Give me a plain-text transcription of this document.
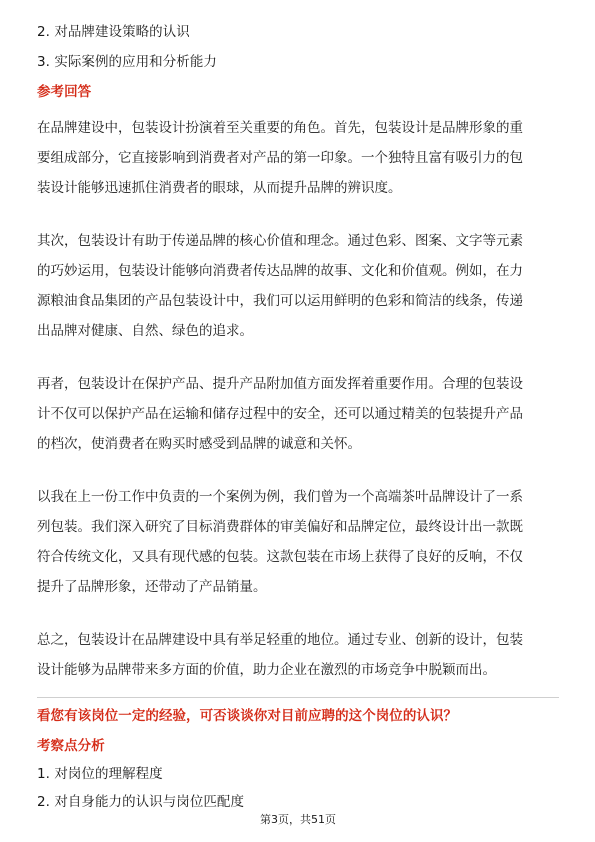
2. 对品牌建设策略的认识
3. 实际案例的应用和分析能力
参考回答
在品牌建设中，包装设计扮演着至关重要的角色。首先，包装设计是品牌形象的重
要组成部分，它直接影响到消费者对产品的第一印象。一个独特且富有吸引力的包
装设计能够迅速抓住消费者的眼球，从而提升品牌的辨识度。
其次，包装设计有助于传递品牌的核心价值和理念。通过色彩、图案、文字等元素
的巧妙运用，包装设计能够向消费者传达品牌的故事、文化和价值观。例如，在力
源粮油食品集团的产品包装设计中，我们可以运用鲜明的色彩和简洁的线条，传递
出品牌对健康、自然、绿色的追求。
再者，包装设计在保护产品、提升产品附加值方面发挥着重要作用。合理的包装设
计不仅可以保护产品在运输和储存过程中的安全，还可以通过精美的包装提升产品
的档次，使消费者在购买时感受到品牌的诚意和关怀。
以我在上一份工作中负责的一个案例为例，我们曾为一个高端茶叶品牌设计了一系
列包装。我们深入研究了目标消费群体的审美偏好和品牌定位，最终设计出一款既
符合传统文化，又具有现代感的包装。这款包装在市场上获得了良好的反响，不仅
提升了品牌形象，还带动了产品销量。
总之，包装设计在品牌建设中具有举足轻重的地位。通过专业、创新的设计，包装
设计能够为品牌带来多方面的价值，助力企业在激烈的市场竞争中脱颖而出。
看您有该岗位一定的经验，可否谈谈你对目前应聘的这个岗位的认识？
考察点分析
1. 对岗位的理解程度
2. 对自身能力的认识与岗位匹配度
第3页，共51页
